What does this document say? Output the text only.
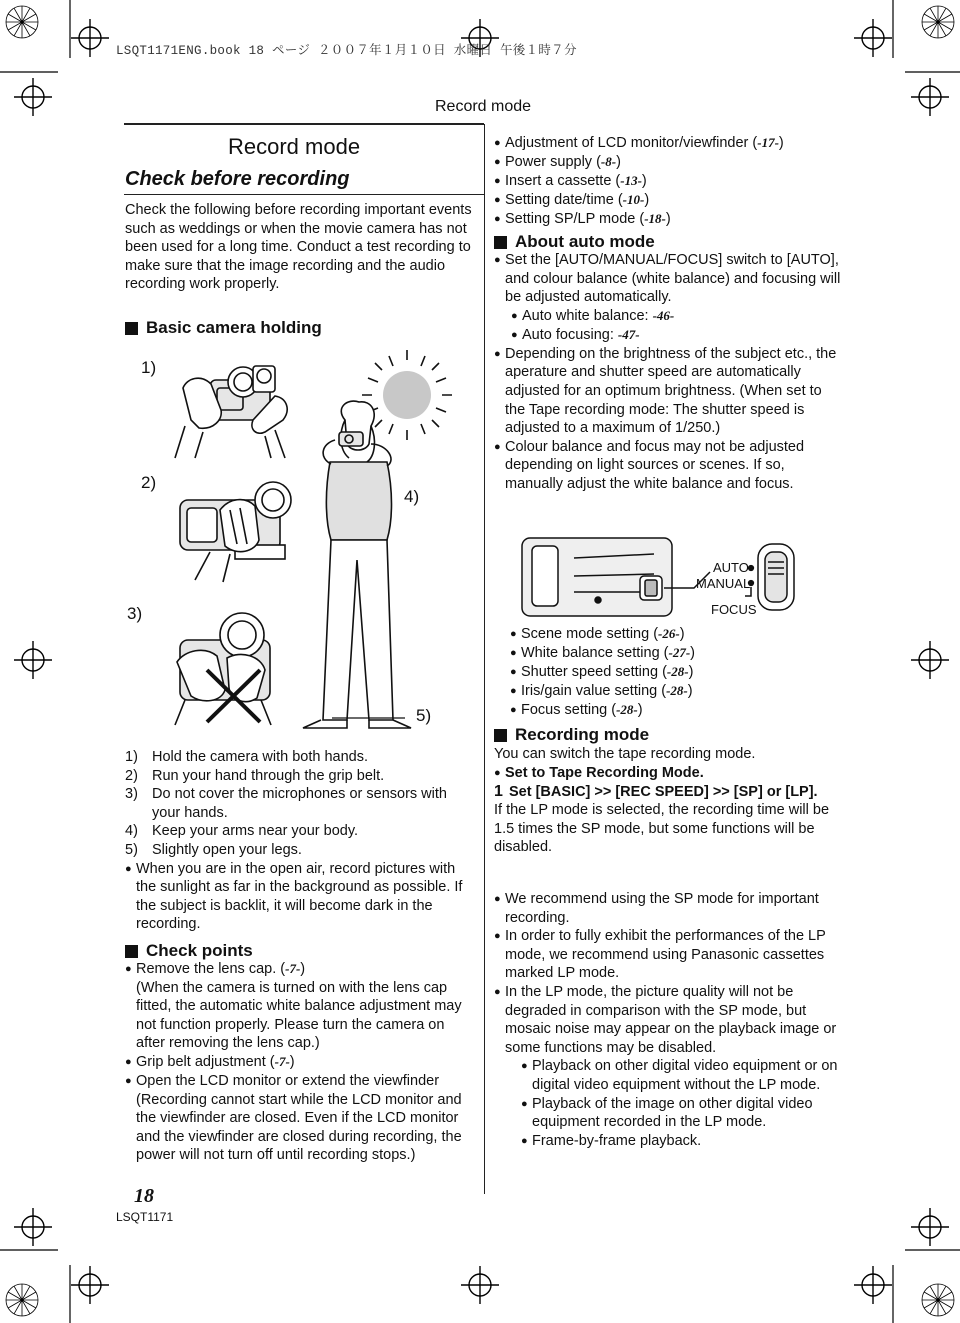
LSQT1171ENG.book 18 ページ ２００７年１月１０日 水曜日 午後１時７分
Record mode
Record mode
Check before recording
Check the following before recording important events such as weddings or when the movie camera has not been used for a long time. Conduct a test recording to make sure that the image recording and the audio recording work properly.
Basic camera holding
1)
2)
3)
4)
5)
1) Hold the camera with both hands.
2) Run your hand through the grip belt.
3) Do not cover the microphones or sensors with your hands.
4) Keep your arms near your body.
5) Slightly open your legs.
● When you are in the open air, record pictures with the sunlight as far in the background as possible. If the subject is backlit, it will become dark in the recording.
Check points
● Remove the lens cap. (-7-)
(When the camera is turned on with the lens cap fitted, the automatic white balance adjustment may not function properly. Please turn the camera on after removing the lens cap.)
● Grip belt adjustment (-7-)
● Open the LCD monitor or extend the viewfinder (Recording cannot start while the LCD monitor and the viewfinder are closed. Even if the LCD monitor and the viewfinder are closed during recording, the power will not turn off until recording stops.)
18
LSQT1171
● Adjustment of LCD monitor/viewfinder (-17-)
● Power supply (-8-)
● Insert a cassette (-13-)
● Setting date/time (-10-)
● Setting SP/LP mode (-18-)
About auto mode
● Set the [AUTO/MANUAL/FOCUS] switch to [AUTO], and colour balance (white balance) and focusing will be adjusted automatically.
● Auto white balance: -46-
● Auto focusing: -47-
● Depending on the brightness of the subject etc., the aperature and shutter speed are automatically adjusted for an optimum brightness. (When set to the Tape recording mode: The shutter speed is adjusted to a maximum of 1/250.)
● Colour balance and focus may not be adjusted depending on light sources or scenes. If so, manually adjust the white balance and focus.
AUTO
MANUAL
FOCUS
● Scene mode setting (-26-)
● White balance setting (-27-)
● Shutter speed setting (-28-)
● Iris/gain value setting (-28-)
● Focus setting (-28-)
Recording mode
You can switch the tape recording mode.
● Set to Tape Recording Mode.
1 Set [BASIC] >> [REC SPEED] >> [SP] or [LP].
If the LP mode is selected, the recording time will be 1.5 times the SP mode, but some functions will be disabled.
● We recommend using the SP mode for important recording.
● In order to fully exhibit the performances of the LP mode, we recommend using Panasonic cassettes marked LP mode.
● In the LP mode, the picture quality will not be degraded in comparison with the SP mode, but mosaic noise may appear on the playback image or some functions may be disabled.
● Playback on other digital video equipment or on digital video equipment without the LP mode.
● Playback of the image on other digital video equipment recorded in the LP mode.
● Frame-by-frame playback.
